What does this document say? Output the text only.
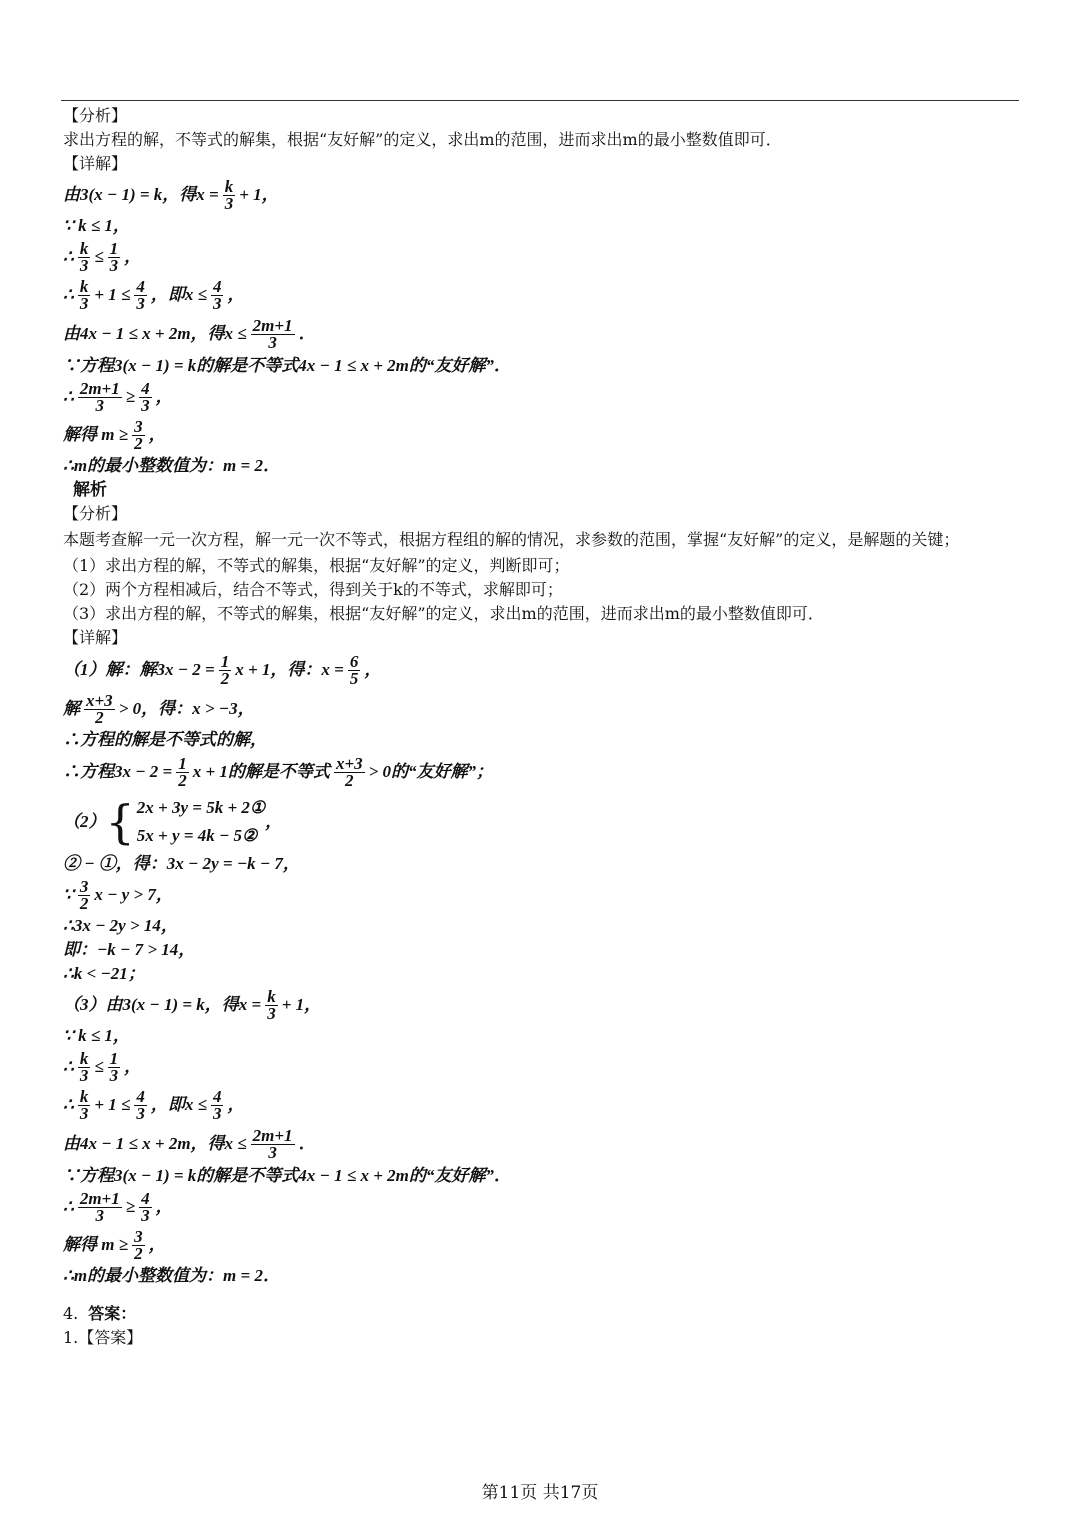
【分析】
求出方程的解，不等式的解集，根据“友好解”的定义，求出m的范围，进而求出m的最小整数值即可．
【详解】
由3(x − 1) = k，得$x = \frac{k}{3} + 1$，
∵ k ≤ 1，
∴ $\frac{k}{3} \le \frac{1}{3}$ ，
∴ $\frac{k}{3} + 1 \le \frac{4}{3}$ ，即$x \le \frac{4}{3}$ ，
由4x − 1 ≤ x + 2m，得$x \le \frac{2m+1}{3}$ ．
∵方程3(x − 1) = k的解是不等式4x − 1 ≤ x + 2m的“友好解”．
∴ $\frac{2m+1}{3} \ge \frac{4}{3}$ ，
解得 $m \ge \frac{3}{2}$ ，
∴m的最小整数值为：m = 2．
解析
【分析】
本题考查解一元一次方程，解一元一次不等式，根据方程组的解的情况，求参数的范围，掌握“友好解”的定义，是解题的关键；
（1）求出方程的解，不等式的解集，根据“友好解”的定义，判断即可；
（2）两个方程相减后，结合不等式，得到关于k的不等式，求解即可；
（3）求出方程的解，不等式的解集，根据“友好解”的定义，求出m的范围，进而求出m的最小整数值即可．
【详解】
（1）解：解$3x - 2 = \frac{1}{2}$ x + 1，得：$x = \frac{6}{5}$ ，
解 $\frac{x+3}{2} > 0$，得：x > −3，
∴方程的解是不等式的解，
∴方程$3x - 2 = \frac{1}{2}$ x + 1的解是不等式 $\frac{x+3}{2} > 0$的“友好解”；
（2） { 2x + 3y = 5k + 2①
5x + y = 4k − 5②
，
② − ①，得：3x − 2y = −k − 7，
∵ $\frac{3}{2}$ x − y > 7，
∴3x − 2y > 14，
即：−k − 7 > 14，
∴k < −21；
（3）由3(x − 1) = k，得$x = \frac{k}{3} + 1$，
∵ k ≤ 1，
∴ $\frac{k}{3} \le \frac{1}{3}$ ，
∴ $\frac{k}{3} + 1 \le \frac{4}{3}$ ，即$x \le \frac{4}{3}$ ，
由4x − 1 ≤ x + 2m，得$x \le \frac{2m+1}{3}$ ．
∵方程3(x − 1) = k的解是不等式4x − 1 ≤ x + 2m的“友好解”．
∴ $\frac{2m+1}{3} \ge \frac{4}{3}$ ，
解得 $m \ge \frac{3}{2}$ ，
∴m的最小整数值为：m = 2．
4. 答案：
1.【答案】
第11页 共17页
